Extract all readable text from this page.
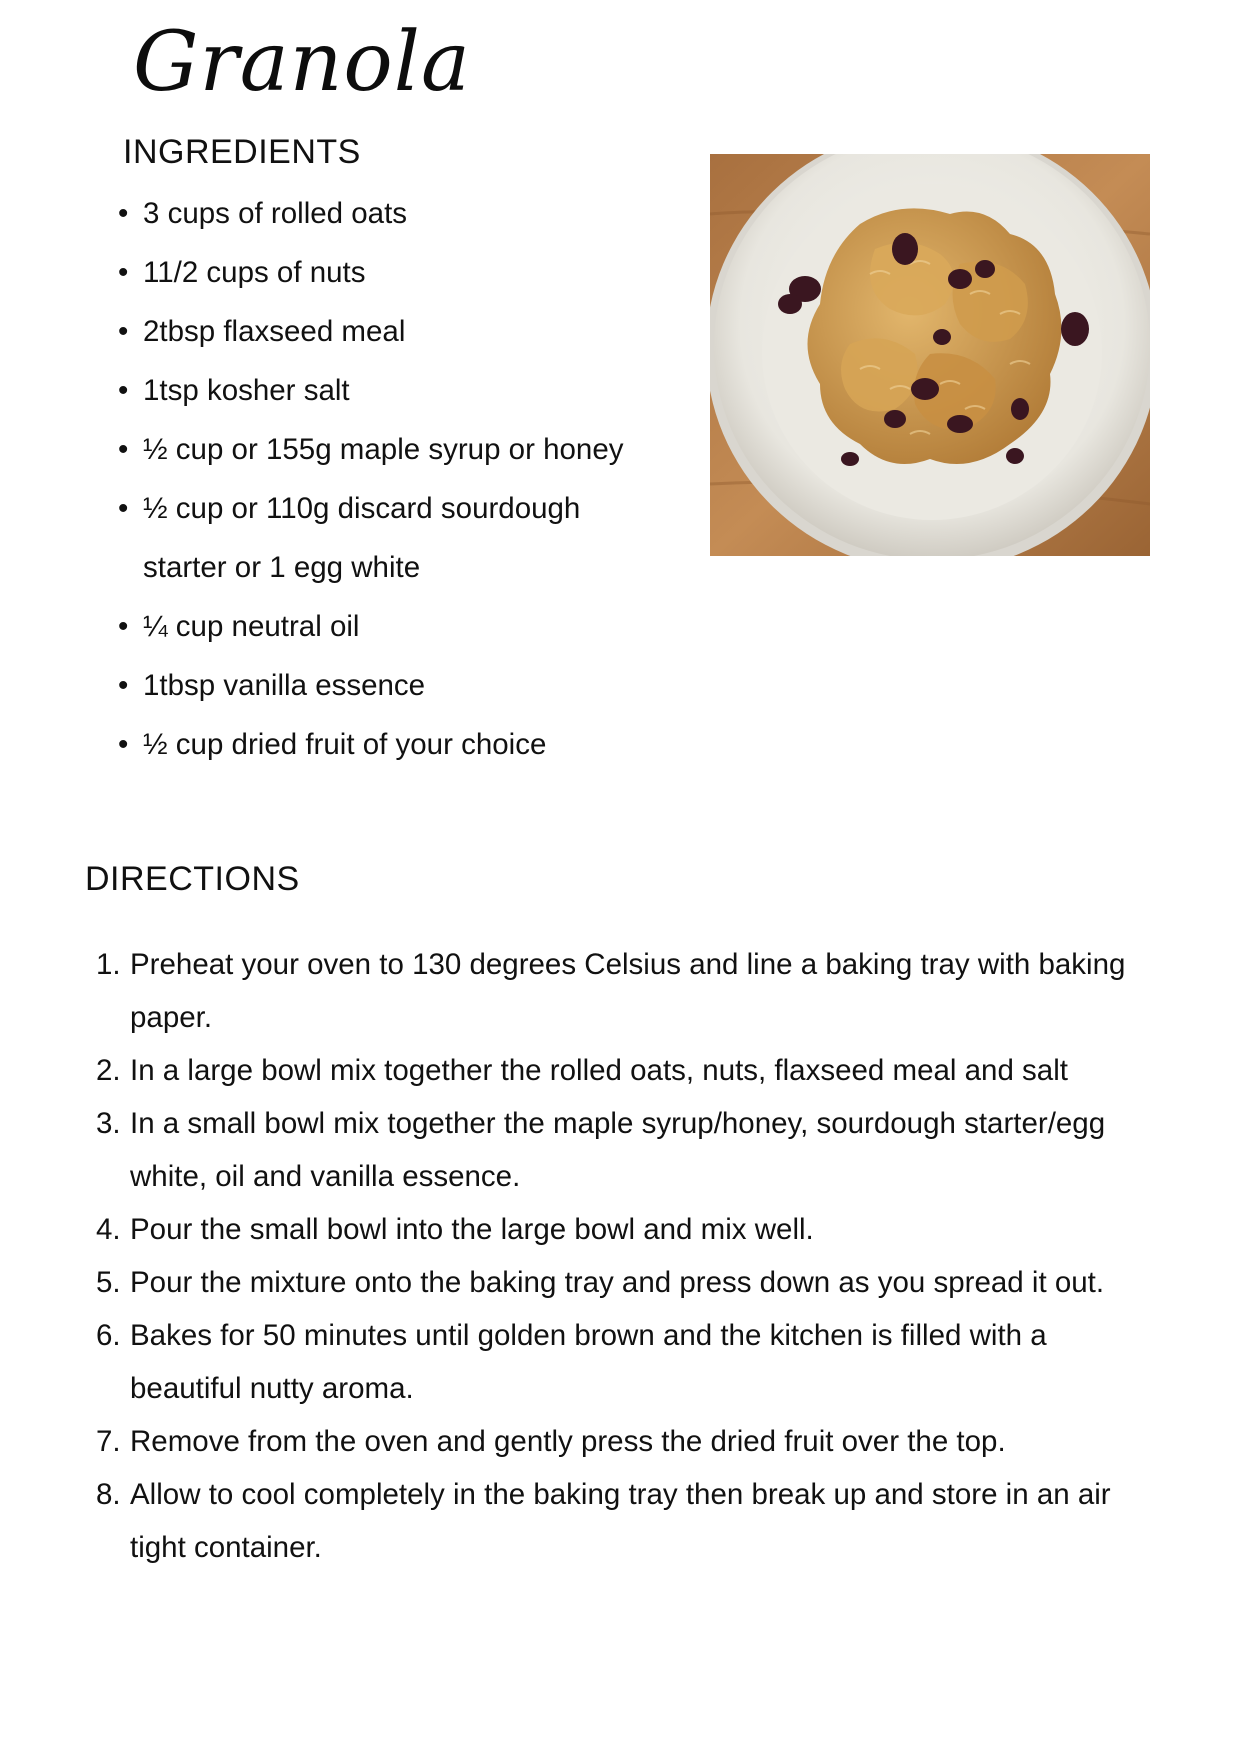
Granola
INGREDIENTS
• 3 cups of rolled oats
• 11/2 cups of nuts
• 2tbsp flaxseed meal
• 1tsp kosher salt
• ½ cup or 155g maple syrup or honey
• ½ cup or 110g discard sourdough starter or 1 egg white
• ¼ cup neutral oil
• 1tbsp vanilla essence
• ½ cup dried fruit of your choice
DIRECTIONS
1. Preheat your oven to 130 degrees Celsius and line a baking tray with baking paper.
2. In a large bowl mix together the rolled oats, nuts, flaxseed meal and salt
3. In a small bowl mix together the maple syrup/honey, sourdough starter/egg white, oil and vanilla essence.
4. Pour the small bowl into the large bowl and mix well.
5. Pour the mixture onto the baking tray and press down as you spread it out.
6. Bakes for 50 minutes until golden brown and the kitchen is filled with a beautiful nutty aroma.
7. Remove from the oven and gently press the dried fruit over the top.
8. Allow to cool completely in the baking tray then break up and store in an air tight container.
